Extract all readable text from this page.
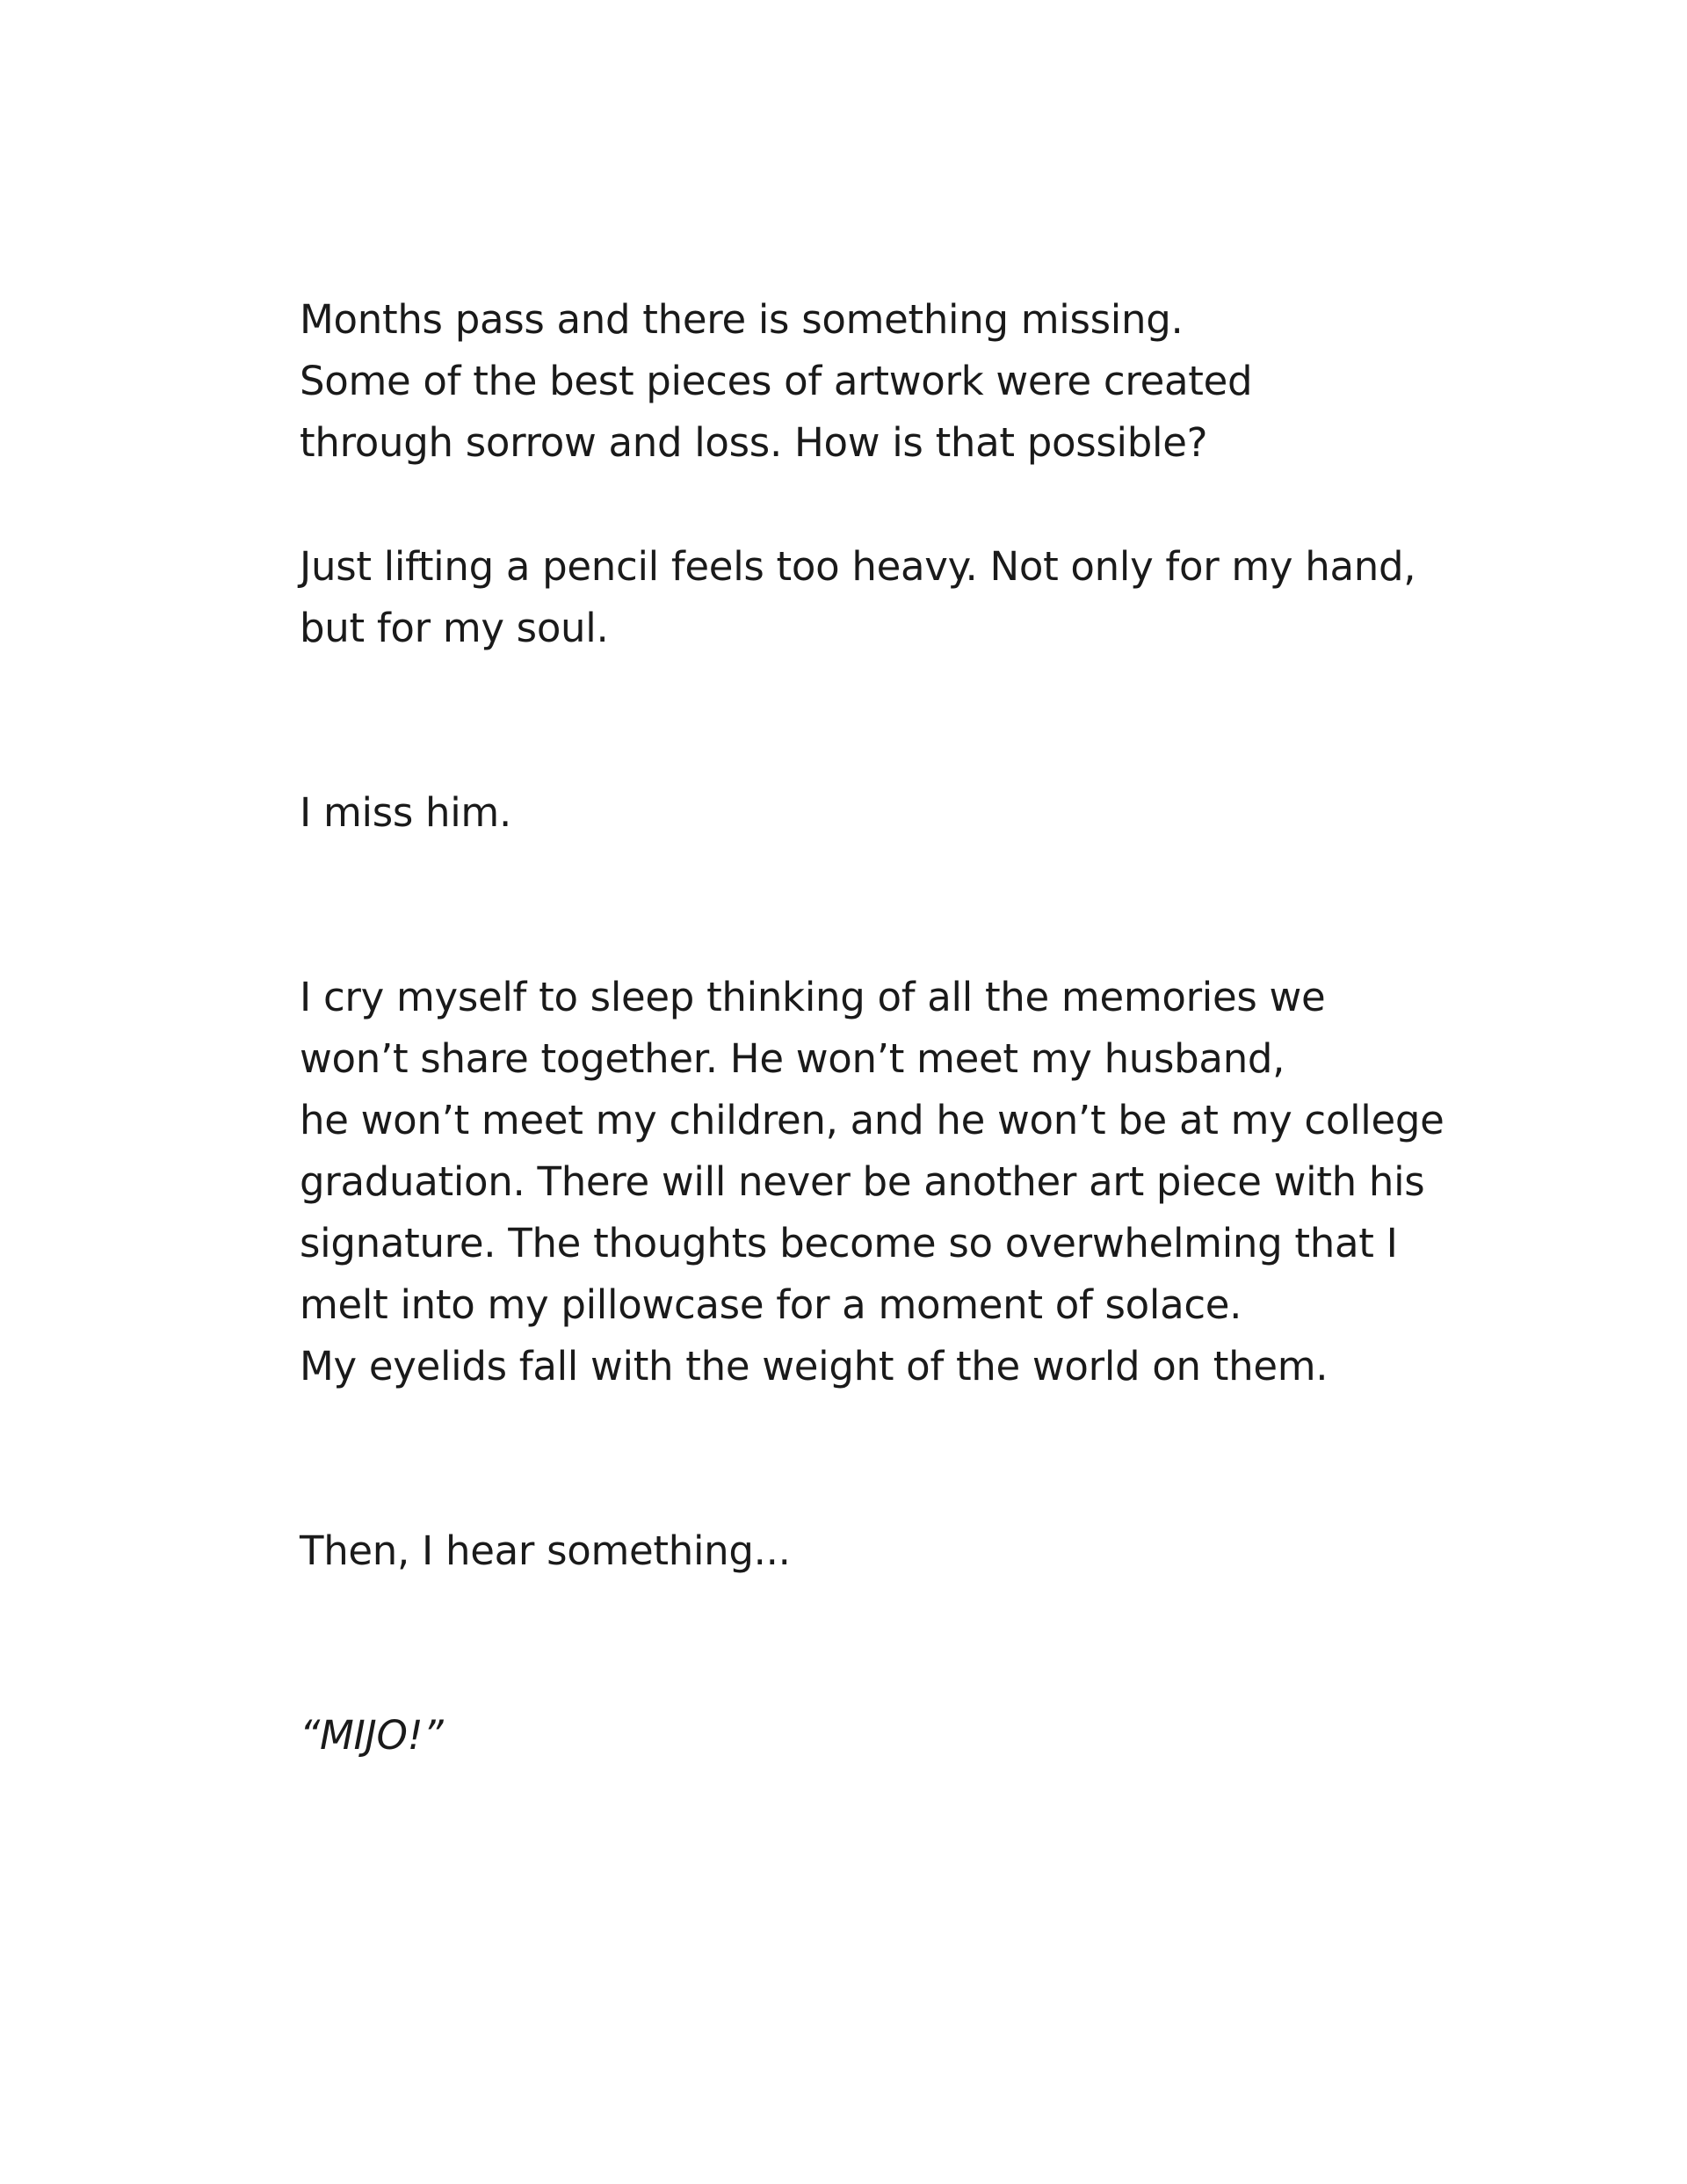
Months pass and there is something missing.
Some of the best pieces of artwork were created
through sorrow and loss. How is that possible?
Just lifting a pencil feels too heavy. Not only for my hand,
but for my soul.
I miss him.
I cry myself to sleep thinking of all the memories we
won’t share together. He won’t meet my husband,
he won’t meet my children, and he won’t be at my college
graduation. There will never be another art piece with his
signature. The thoughts become so overwhelming that I
melt into my pillowcase for a moment of solace.
My eyelids fall with the weight of the world on them.
Then, I hear something...
“MIJO!”
